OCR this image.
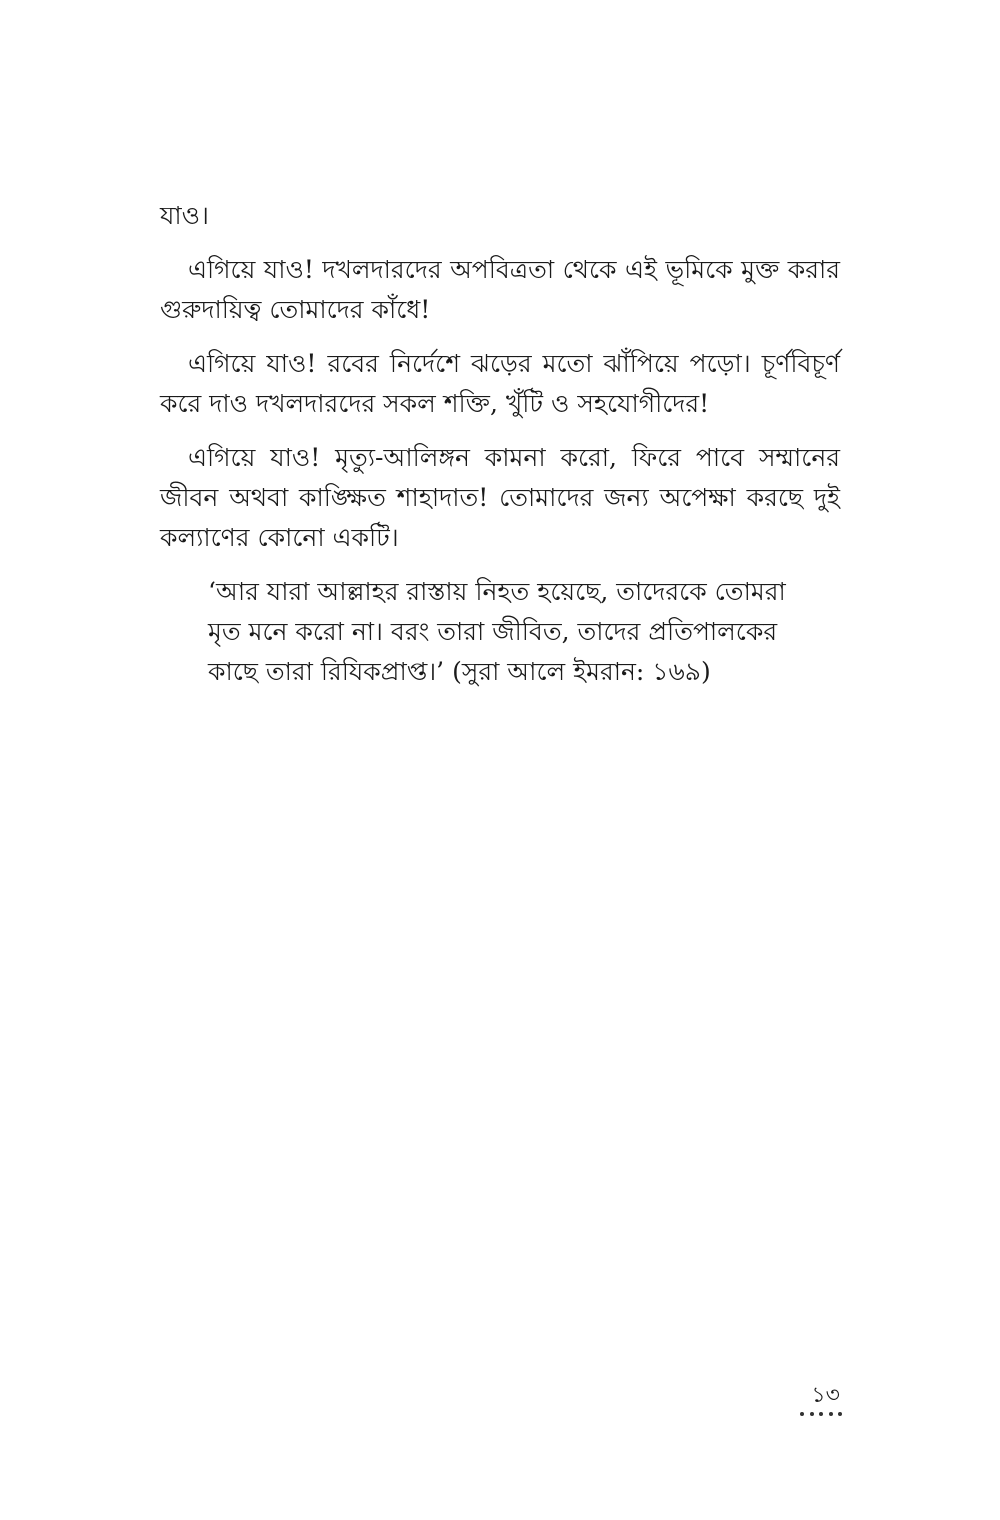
যাও।

এগিয়ে যাও! দখলদারদের অপবিত্রতা থেকে এই ভূমিকে মুক্ত করার গুরুদায়িত্ব তোমাদের কাঁধে!

এগিয়ে যাও! রবের নির্দেশে ঝড়ের মতো ঝাঁপিয়ে পড়ো। চূর্ণবিচূর্ণ করে দাও দখলদারদের সকল শক্তি, খুঁটি ও সহযোগীদের!

এগিয়ে যাও! মৃত্যু-আলিঙ্গন কামনা করো, ফিরে পাবে সম্মানের জীবন অথবা কাঙ্ক্ষিত শাহাদাত! তোমাদের জন্য অপেক্ষা করছে দুই কল্যাণের কোনো একটি।

‘আর যারা আল্লাহর রাস্তায় নিহত হয়েছে, তাদেরকে তোমরা মৃত মনে করো না। বরং তারা জীবিত, তাদের প্রতিপালকের কাছে তারা রিযিকপ্রাপ্ত।’ (সুরা আলে ইমরান: ১৬৯)

১৩
